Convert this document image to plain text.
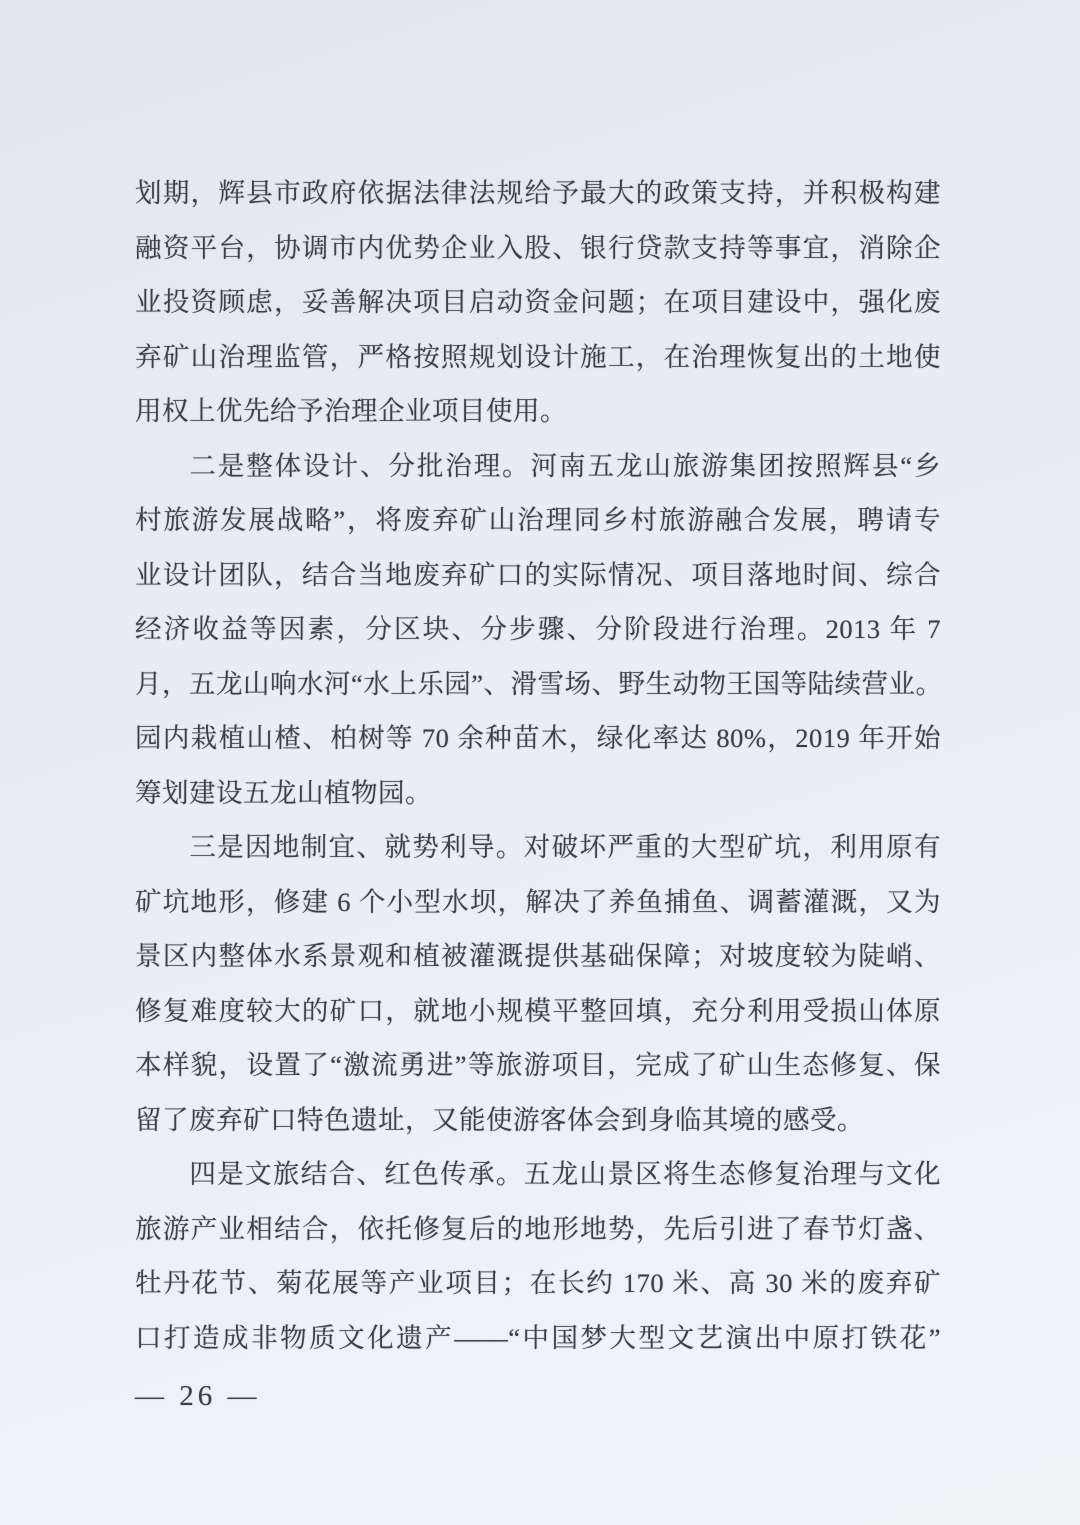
划期，辉县市政府依据法律法规给予最大的政策支持，并积极构建
融资平台，协调市内优势企业入股、银行贷款支持等事宜，消除企
业投资顾虑，妥善解决项目启动资金问题；在项目建设中，强化废
弃矿山治理监管，严格按照规划设计施工，在治理恢复出的土地使
用权上优先给予治理企业项目使用。
二是整体设计、分批治理。河南五龙山旅游集团按照辉县“乡
村旅游发展战略”，将废弃矿山治理同乡村旅游融合发展，聘请专
业设计团队，结合当地废弃矿口的实际情况、项目落地时间、综合
经济收益等因素，分区块、分步骤、分阶段进行治理。2013 年 7
月，五龙山响水河“水上乐园”、滑雪场、野生动物王国等陆续营业。
园内栽植山楂、柏树等 70 余种苗木，绿化率达 80%，2019 年开始
筹划建设五龙山植物园。
三是因地制宜、就势利导。对破坏严重的大型矿坑，利用原有
矿坑地形，修建 6 个小型水坝，解决了养鱼捕鱼、调蓄灌溉，又为
景区内整体水系景观和植被灌溉提供基础保障；对坡度较为陡峭、
修复难度较大的矿口，就地小规模平整回填，充分利用受损山体原
本样貌，设置了“激流勇进”等旅游项目，完成了矿山生态修复、保
留了废弃矿口特色遗址，又能使游客体会到身临其境的感受。
四是文旅结合、红色传承。五龙山景区将生态修复治理与文化
旅游产业相结合，依托修复后的地形地势，先后引进了春节灯盏、
牡丹花节、菊花展等产业项目；在长约 170 米、高 30 米的废弃矿
口打造成非物质文化遗产——“中国梦大型文艺演出中原打铁花”
— 26 —
